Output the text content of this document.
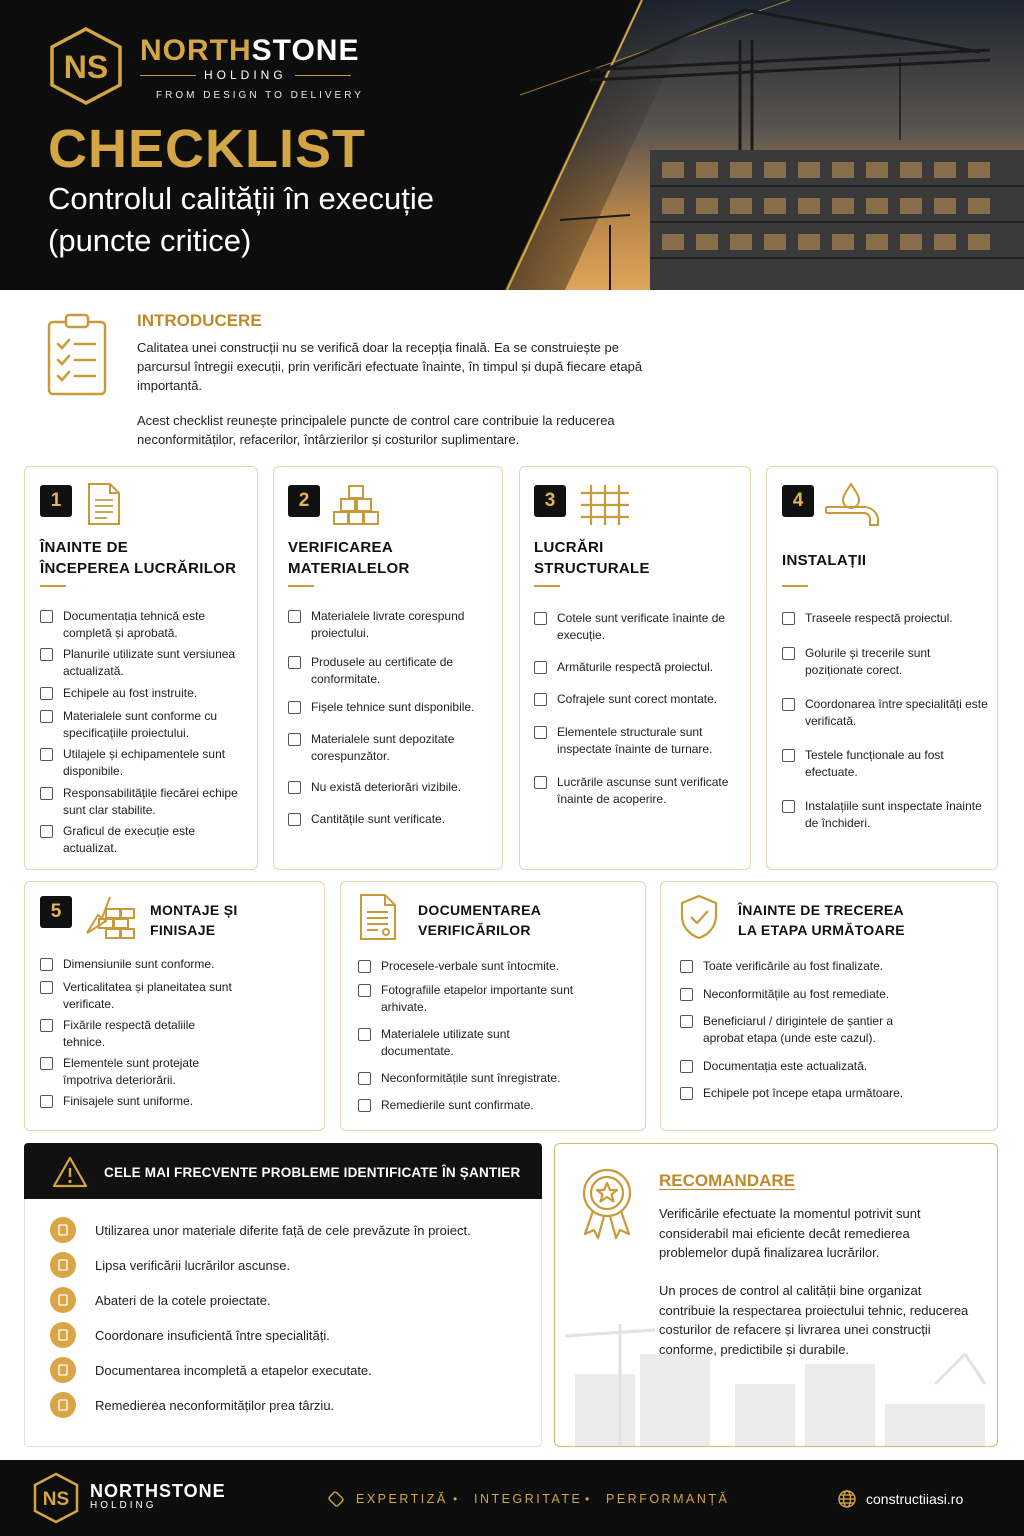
NS NORTHSTONE
HOLDING
FROM DESIGN TO DELIVERY
CHECKLIST
Controlul calității în execuție (puncte critice)
INTRODUCERE
Calitatea unei construcții nu se verifică doar la recepția finală. Ea se construiește pe parcursul întregii execuții, prin verificări efectuate înainte, în timpul și după fiecare etapă importantă.
Acest checklist reunește principalele puncte de control care contribuie la reducerea neconformităților, refacerilor, întârzierilor și costurilor suplimentare.
1
ÎNAINTE DE
ÎNCEPEREA LUCRĂRILOR
Documentația tehnică este completă și aprobată.
Planurile utilizate sunt versiunea actualizată.
Echipele au fost instruite.
Materialele sunt conforme cu specificațiile proiectului.
Utilajele și echipamentele sunt disponibile.
Responsabilitățile fiecărei echipe sunt clar stabilite.
Graficul de execuție este actualizat.
2
VERIFICAREA
MATERIALELOR
Materialele livrate corespund proiectului.
Produsele au certificate de conformitate.
Fișele tehnice sunt disponibile.
Materialele sunt depozitate corespunzător.
Nu există deteriorări vizibile.
Cantitățile sunt verificate.
3
LUCRĂRI
STRUCTURALE
Cotele sunt verificate înainte de execuție.
Armăturile respectă proiectul.
Cofrajele sunt corect montate.
Elementele structurale sunt inspectate înainte de turnare.
Lucrările ascunse sunt verificate înainte de acoperire.
4
INSTALAȚII
Traseele respectă proiectul.
Golurile și trecerile sunt poziționate corect.
Coordonarea între specialități este verificată.
Testele funcționale au fost efectuate.
Instalațiile sunt inspectate înainte de închideri.
5	MONTAJE ȘI
FINISAJE
Dimensiunile sunt conforme.
Verticalitatea și planeitatea sunt verificate.
Fixările respectă detaliile tehnice.
Elementele sunt protejate împotriva deteriorării.
Finisajele sunt uniforme.
DOCUMENTAREA
VERIFICĂRILOR
Procesele-verbale sunt întocmite.
Fotografiile etapelor importante sunt arhivate.
Materialele utilizate sunt documentate.
Neconformitățile sunt înregistrate.
Remedierile sunt confirmate.
ÎNAINTE DE TRECEREA
LA ETAPA URMĂTOARE
Toate verificările au fost finalizate.
Neconformitățile au fost remediate.
Beneficiarul / dirigintele de șantier a aprobat etapa (unde este cazul).
Documentația este actualizată.
Echipele pot începe etapa următoare.
CELE MAI FRECVENTE PROBLEME IDENTIFICATE ÎN ȘANTIER
Utilizarea unor materiale diferite față de cele prevăzute în proiect.
Lipsa verificării lucrărilor ascunse.
Abateri de la cotele proiectate.
Coordonare insuficientă între specialități.
Documentarea incompletă a etapelor executate.
Remedierea neconformităților prea târziu.
RECOMANDARE
Verificările efectuate la momentul potrivit sunt considerabil mai eficiente decât remedierea problemelor după finalizarea lucrărilor.
Un proces de control al calității bine organizat contribuie la respectarea proiectului tehnic, reducerea costurilor de refacere și livrarea unei construcții conforme, predictibile și durabile.
NS NORTHSTONE
HOLDING	EXPERTIZĂ • INTEGRITATE • PERFORMANȚĂ	constructiiasi.ro
